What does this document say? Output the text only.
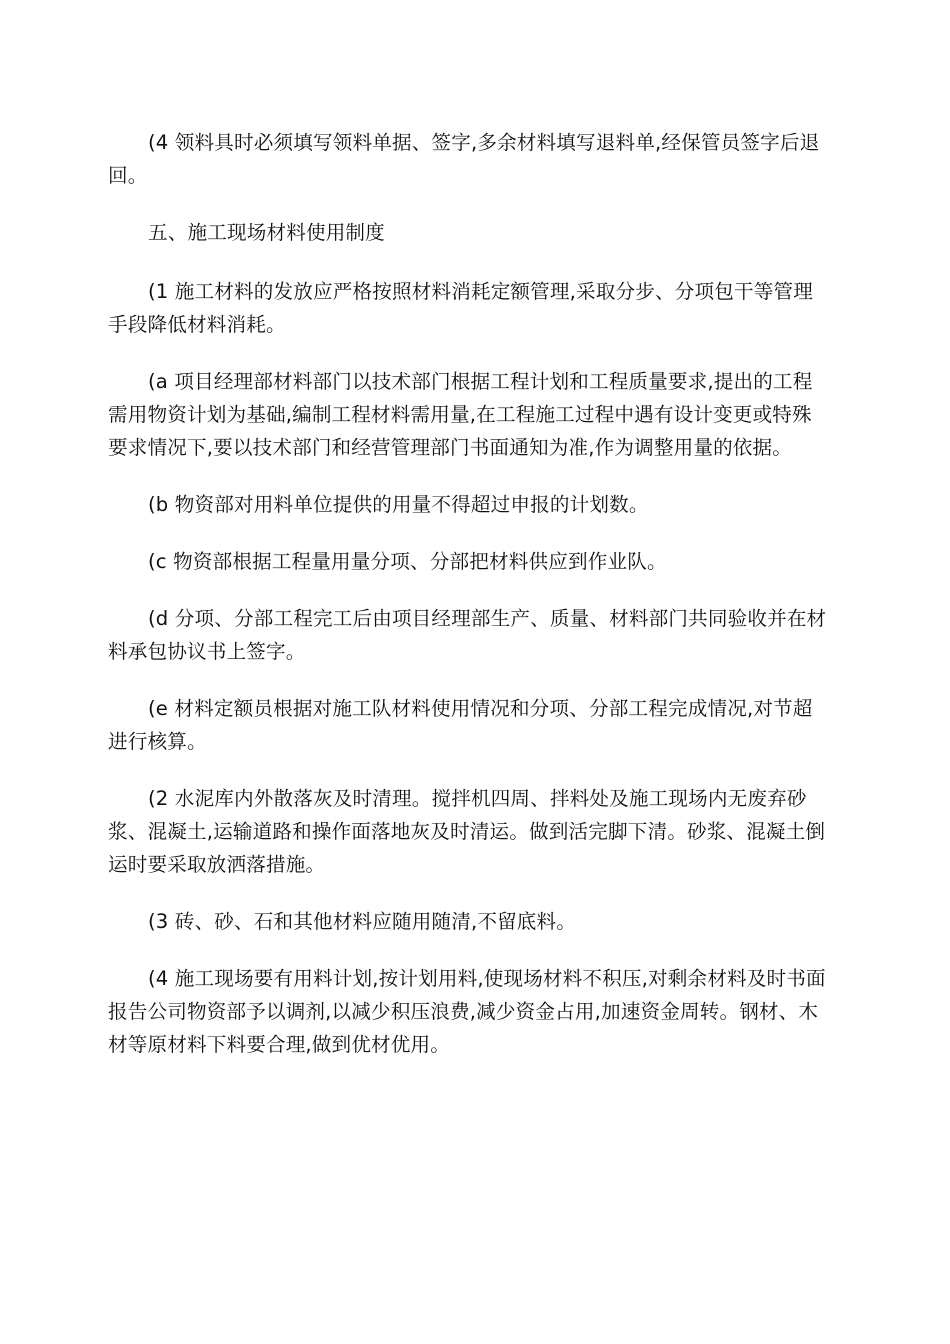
(4 领料具时必须填写领料单据、签字,多余材料填写退料单,经保管员签字后退回。

五、施工现场材料使用制度

(1 施工材料的发放应严格按照材料消耗定额管理,采取分步、分项包干等管理手段降低材料消耗。

(a 项目经理部材料部门以技术部门根据工程计划和工程质量要求,提出的工程需用物资计划为基础,编制工程材料需用量,在工程施工过程中遇有设计变更或特殊要求情况下,要以技术部门和经营管理部门书面通知为准,作为调整用量的依据。

(b 物资部对用料单位提供的用量不得超过申报的计划数。

(c 物资部根据工程量用量分项、分部把材料供应到作业队。

(d 分项、分部工程完工后由项目经理部生产、质量、材料部门共同验收并在材料承包协议书上签字。

(e 材料定额员根据对施工队材料使用情况和分项、分部工程完成情况,对节超进行核算。

(2 水泥库内外散落灰及时清理。搅拌机四周、拌料处及施工现场内无废弃砂浆、混凝土,运输道路和操作面落地灰及时清运。做到活完脚下清。砂浆、混凝土倒运时要采取放洒落措施。

(3 砖、砂、石和其他材料应随用随清,不留底料。

(4 施工现场要有用料计划,按计划用料,使现场材料不积压,对剩余材料及时书面报告公司物资部予以调剂,以减少积压浪费,减少资金占用,加速资金周转。钢材、木材等原材料下料要合理,做到优材优用。
